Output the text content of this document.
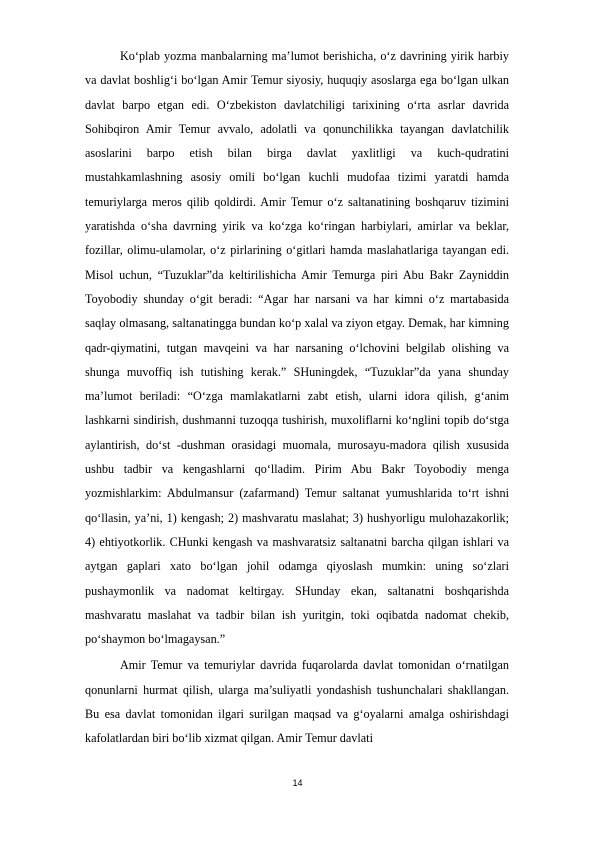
Ko‘plab yozma manbalarning ma’lumot berishicha, o‘z davrining yirik harbiy va davlat boshlig‘i bo‘lgan Amir Temur siyosiy, huquqiy asoslarga ega bo‘lgan ulkan davlat barpo etgan edi. O‘zbekiston davlatchiligi tarixining o‘rta asrlar davrida Sohibqiron Amir Temur avvalo, adolatli va qonunchilikka tayangan davlatchilik asoslarini barpo etish bilan birga davlat yaxlitligi va kuch-qudratini mustahkamlashning asosiy omili bo‘lgan kuchli mudofaa tizimi yaratdi hamda temuriylarga meros qilib qoldirdi. Amir Temur o‘z saltanatining boshqaruv tizimini yaratishda o‘sha davrning yirik va ko‘zga ko‘ringan harbiylari, amirlar va beklar, fozillar, olimu-ulamolar, o‘z pirlarining o‘gitlari hamda maslahatlariga tayangan edi. Misol uchun, “Tuzuklar”da keltirilishicha Amir Temurga piri Abu Bakr Zayniddin Toyobodiy shunday o‘git beradi: “Agar har narsani va har kimni o‘z martabasida saqlay olmasang, saltanatingga bundan ko‘p xalal va ziyon etgay. Demak, har kimning qadr-qiymatini, tutgan mavqeini va har narsaning o‘lchovini belgilab olishing va shunga muvoffiq ish tutishing kerak.” SHuningdek, “Tuzuklar”da yana shunday ma’lumot beriladi: “O‘zga mamlakatlarni zabt etish, ularni idora qilish, g‘anim lashkarni sindirish, dushmanni tuzoqqa tushirish, muxoliflarni ko‘nglini topib do‘stga aylantirish, do‘st -dushman orasidagi muomala, murosayu-madora qilish xususida ushbu tadbir va kengashlarni qo‘lladim. Pirim Abu Bakr Toyobodiy menga yozmishlarkim: Abdulmansur (zafarmand) Temur saltanat yumushlarida to‘rt ishni qo‘llasin, ya’ni, 1) kengash; 2) mashvaratu maslahat; 3) hushyorligu mulohazakorlik; 4) ehtiyotkorlik. CHunki kengash va mashvaratsiz saltanatni barcha qilgan ishlari va aytgan gaplari xato bo‘lgan johil odamga qiyoslash mumkin: uning so‘zlari pushaymonlik va nadomat keltirgay. SHunday ekan, saltanatni boshqarishda mashvaratu maslahat va tadbir bilan ish yuritgin, toki oqibatda nadomat chekib, po‘shaymon bo‘lmagaysan.”

Amir Temur va temuriylar davrida fuqarolarda davlat tomonidan o‘rnatilgan qonunlarni hurmat qilish, ularga ma’suliyatli yondashish tushunchalari shakllangan. Bu esa davlat tomonidan ilgari surilgan maqsad va g‘oyalarni amalga oshirishdagi kafolatlardan biri bo‘lib xizmat qilgan. Amir Temur davlati

14
